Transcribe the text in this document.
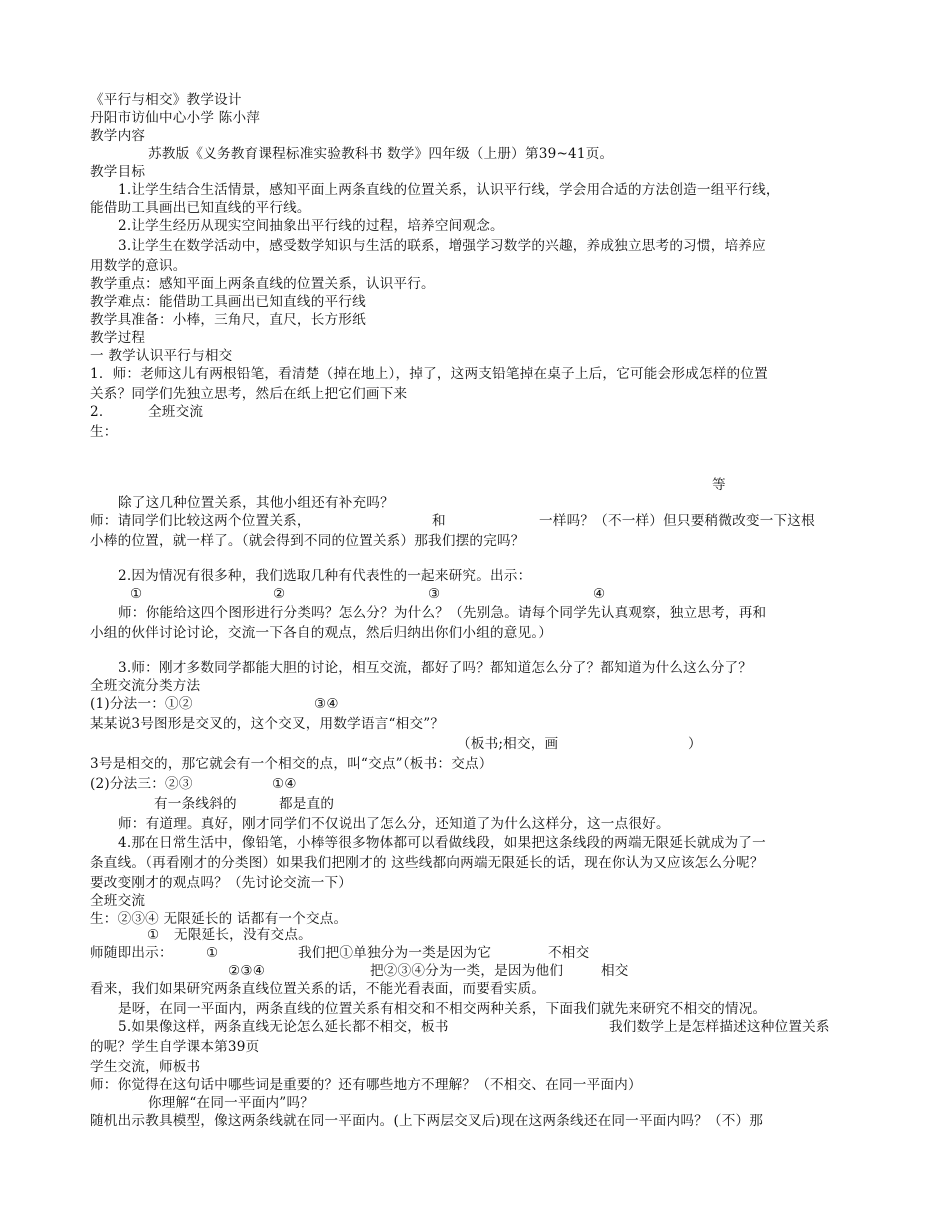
《平行与相交》教学设计
丹阳市访仙中心小学 陈小萍
教学内容
苏教版《义务教育课程标准实验教科书 数学》四年级（上册）第39~41页。
教学目标
1.让学生结合生活情景，感知平面上两条直线的位置关系，认识平行线，学会用合适的方法创造一组平行线，
能借助工具画出已知直线的平行线。
2.让学生经历从现实空间抽象出平行线的过程，培养空间观念。
3.让学生在数学活动中，感受数学知识与生活的联系，增强学习数学的兴趣，养成独立思考的习惯，培养应
用数学的意识。
教学重点：感知平面上两条直线的位置关系，认识平行。
教学难点：能借助工具画出已知直线的平行线
教学具准备：小棒，三角尺，直尺，长方形纸
教学过程
一 教学认识平行与相交
1．师：老师这儿有两根铅笔，看清楚（掉在地上），掉了，这两支铅笔掉在桌子上后，它可能会形成怎样的位置
关系？同学们先独立思考，然后在纸上把它们画下来
2．	全班交流
生：
等
除了这几种位置关系，其他小组还有补充吗？
师：请同学们比较这两个位置关系，	和	一样吗？（不一样）但只要稍微改变一下这根
小棒的位置，就一样了。（就会得到不同的位置关系）那我们摆的完吗？
2.因为情况有很多种，我们选取几种有代表性的一起来研究。出示：
①	②	③	④
师：你能给这四个图形进行分类吗？怎么分？为什么？（先别急。请每个同学先认真观察，独立思考，再和
小组的伙伴讨论讨论，交流一下各自的观点，然后归纳出你们小组的意见。）
3.师：刚才多数同学都能大胆的讨论，相互交流，都好了吗？都知道怎么分了？都知道为什么这么分了？
全班交流分类方法
(1)分法一：①②	③④
某某说3号图形是交叉的，这个交叉，用数学语言“相交”？
（板书;相交，画	）
3号是相交的，那它就会有一个相交的点，叫“交点”（板书：交点）
(2)分法三：②③	①④
有一条线斜的	都是直的
师：有道理。真好，刚才同学们不仅说出了怎么分，还知道了为什么这样分，这一点很好。
4.那在日常生活中，像铅笔，小棒等很多物体都可以看做线段，如果把这条线段的两端无限延长就成为了一
条直线。（再看刚才的分类图）如果我们把刚才的 这些线都向两端无限延长的话，现在你认为又应该怎么分呢？
要改变刚才的观点吗？（先讨论交流一下）
全班交流
生：②③④ 无限延长的 话都有一个交点。
① 无限延长，没有交点。
师随即出示： ①	我们把①单独分为一类是因为它	不相交
②③④	把②③④分为一类，是因为他们	相交
看来，我们如果研究两条直线位置关系的话，不能光看表面，而要看实质。
是呀，在同一平面内，两条直线的位置关系有相交和不相交两种关系，下面我们就先来研究不相交的情况。
5.如果像这样，两条直线无论怎么延长都不相交，板书	我们数学上是怎样描述这种位置关系
的呢？学生自学课本第39页
学生交流，师板书
师：你觉得在这句话中哪些词是重要的？还有哪些地方不理解？（不相交、在同一平面内）
你理解“在同一平面内”吗？
随机出示教具模型，像这两条线就在同一平面内。(上下两层交叉后)现在这两条线还在同一平面内吗？（不）那
